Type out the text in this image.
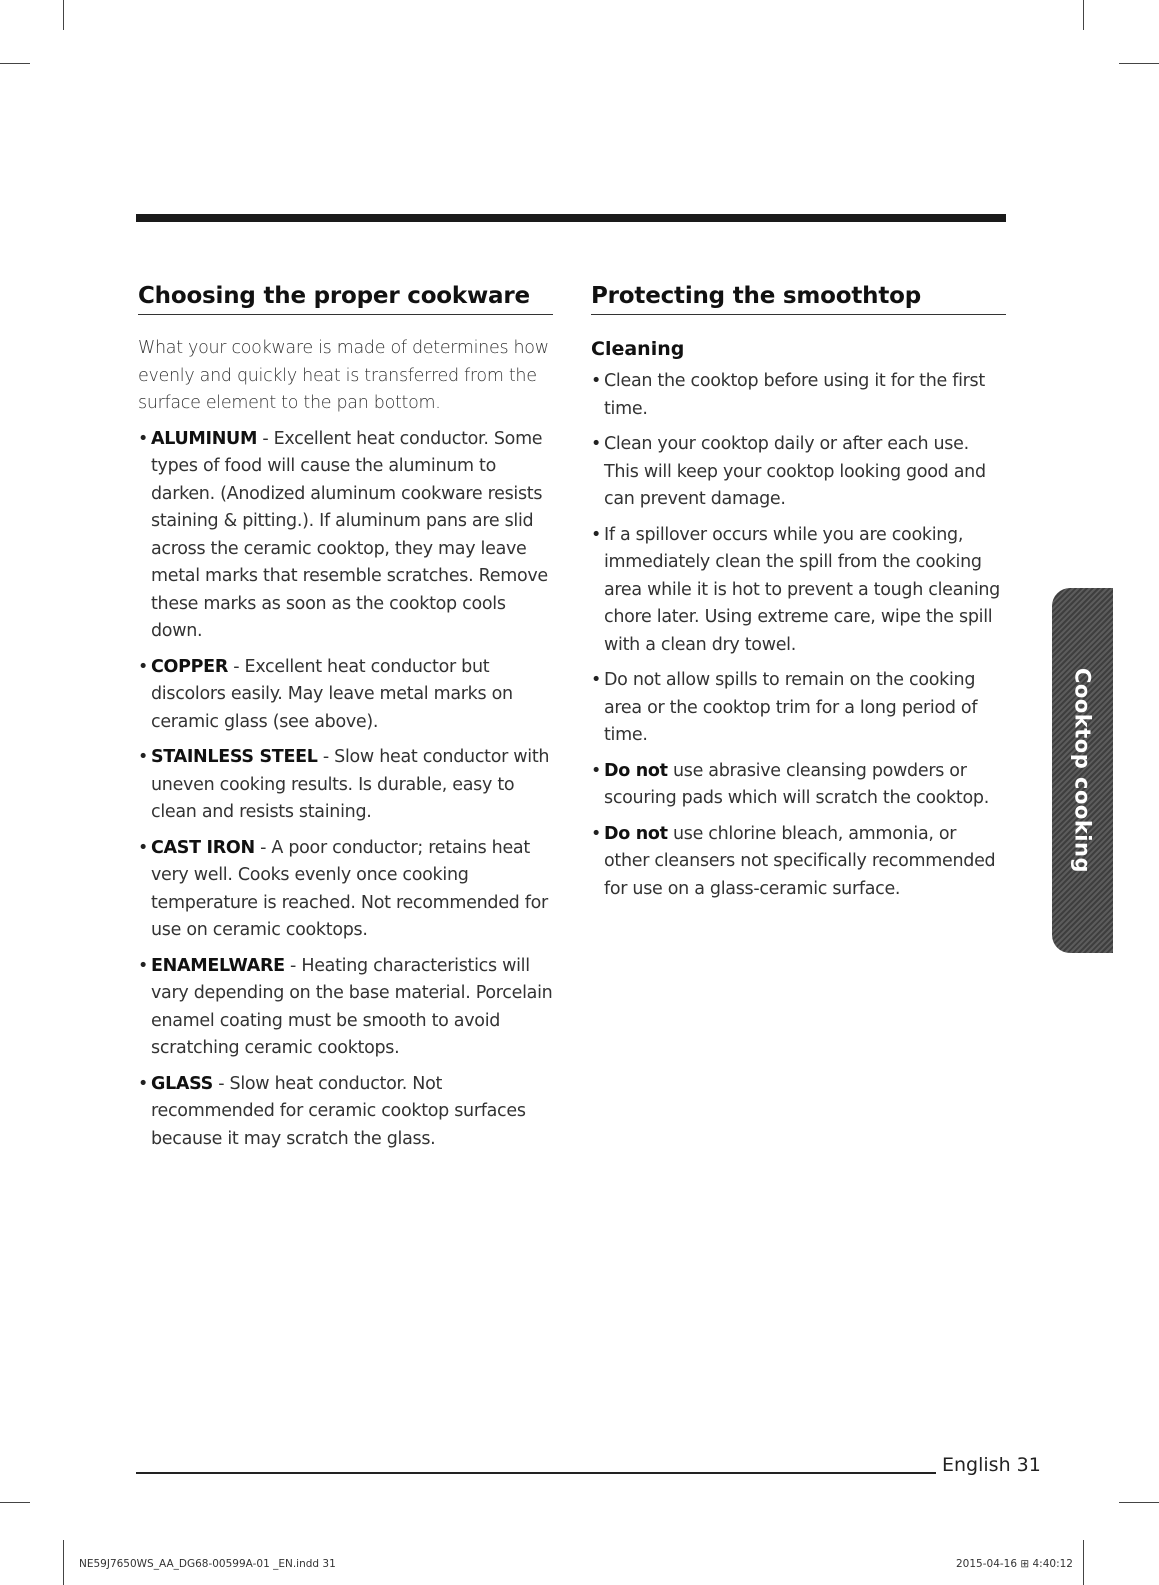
Choosing the proper cookware

What your cookware is made of determines how evenly and quickly heat is transferred from the surface element to the pan bottom.

• ALUMINUM - Excellent heat conductor. Some types of food will cause the aluminum to darken. (Anodized aluminum cookware resists staining & pitting.). If aluminum pans are slid across the ceramic cooktop, they may leave metal marks that resemble scratches. Remove these marks as soon as the cooktop cools down.
• COPPER - Excellent heat conductor but discolors easily. May leave metal marks on ceramic glass (see above).
• STAINLESS STEEL - Slow heat conductor with uneven cooking results. Is durable, easy to clean and resists staining.
• CAST IRON - A poor conductor; retains heat very well. Cooks evenly once cooking temperature is reached. Not recommended for use on ceramic cooktops.
• ENAMELWARE - Heating characteristics will vary depending on the base material. Porcelain enamel coating must be smooth to avoid scratching ceramic cooktops.
• GLASS - Slow heat conductor. Not recommended for ceramic cooktop surfaces because it may scratch the glass.
Protecting the smoothtop
Cleaning
• Clean the cooktop before using it for the first time.
• Clean your cooktop daily or after each use. This will keep your cooktop looking good and can prevent damage.
• If a spillover occurs while you are cooking, immediately clean the spill from the cooking area while it is hot to prevent a tough cleaning chore later. Using extreme care, wipe the spill with a clean dry towel.
• Do not allow spills to remain on the cooking area or the cooktop trim for a long period of time.
• Do not use abrasive cleansing powders or scouring pads which will scratch the cooktop.
• Do not use chlorine bleach, ammonia, or other cleansers not specifically recommended for use on a glass-ceramic surface.
Cooktop cooking
English 31
NE59J7650WS_AA_DG68-00599A-01 _EN.indd 31	2015-04-16 ⊞ 4:40:12
